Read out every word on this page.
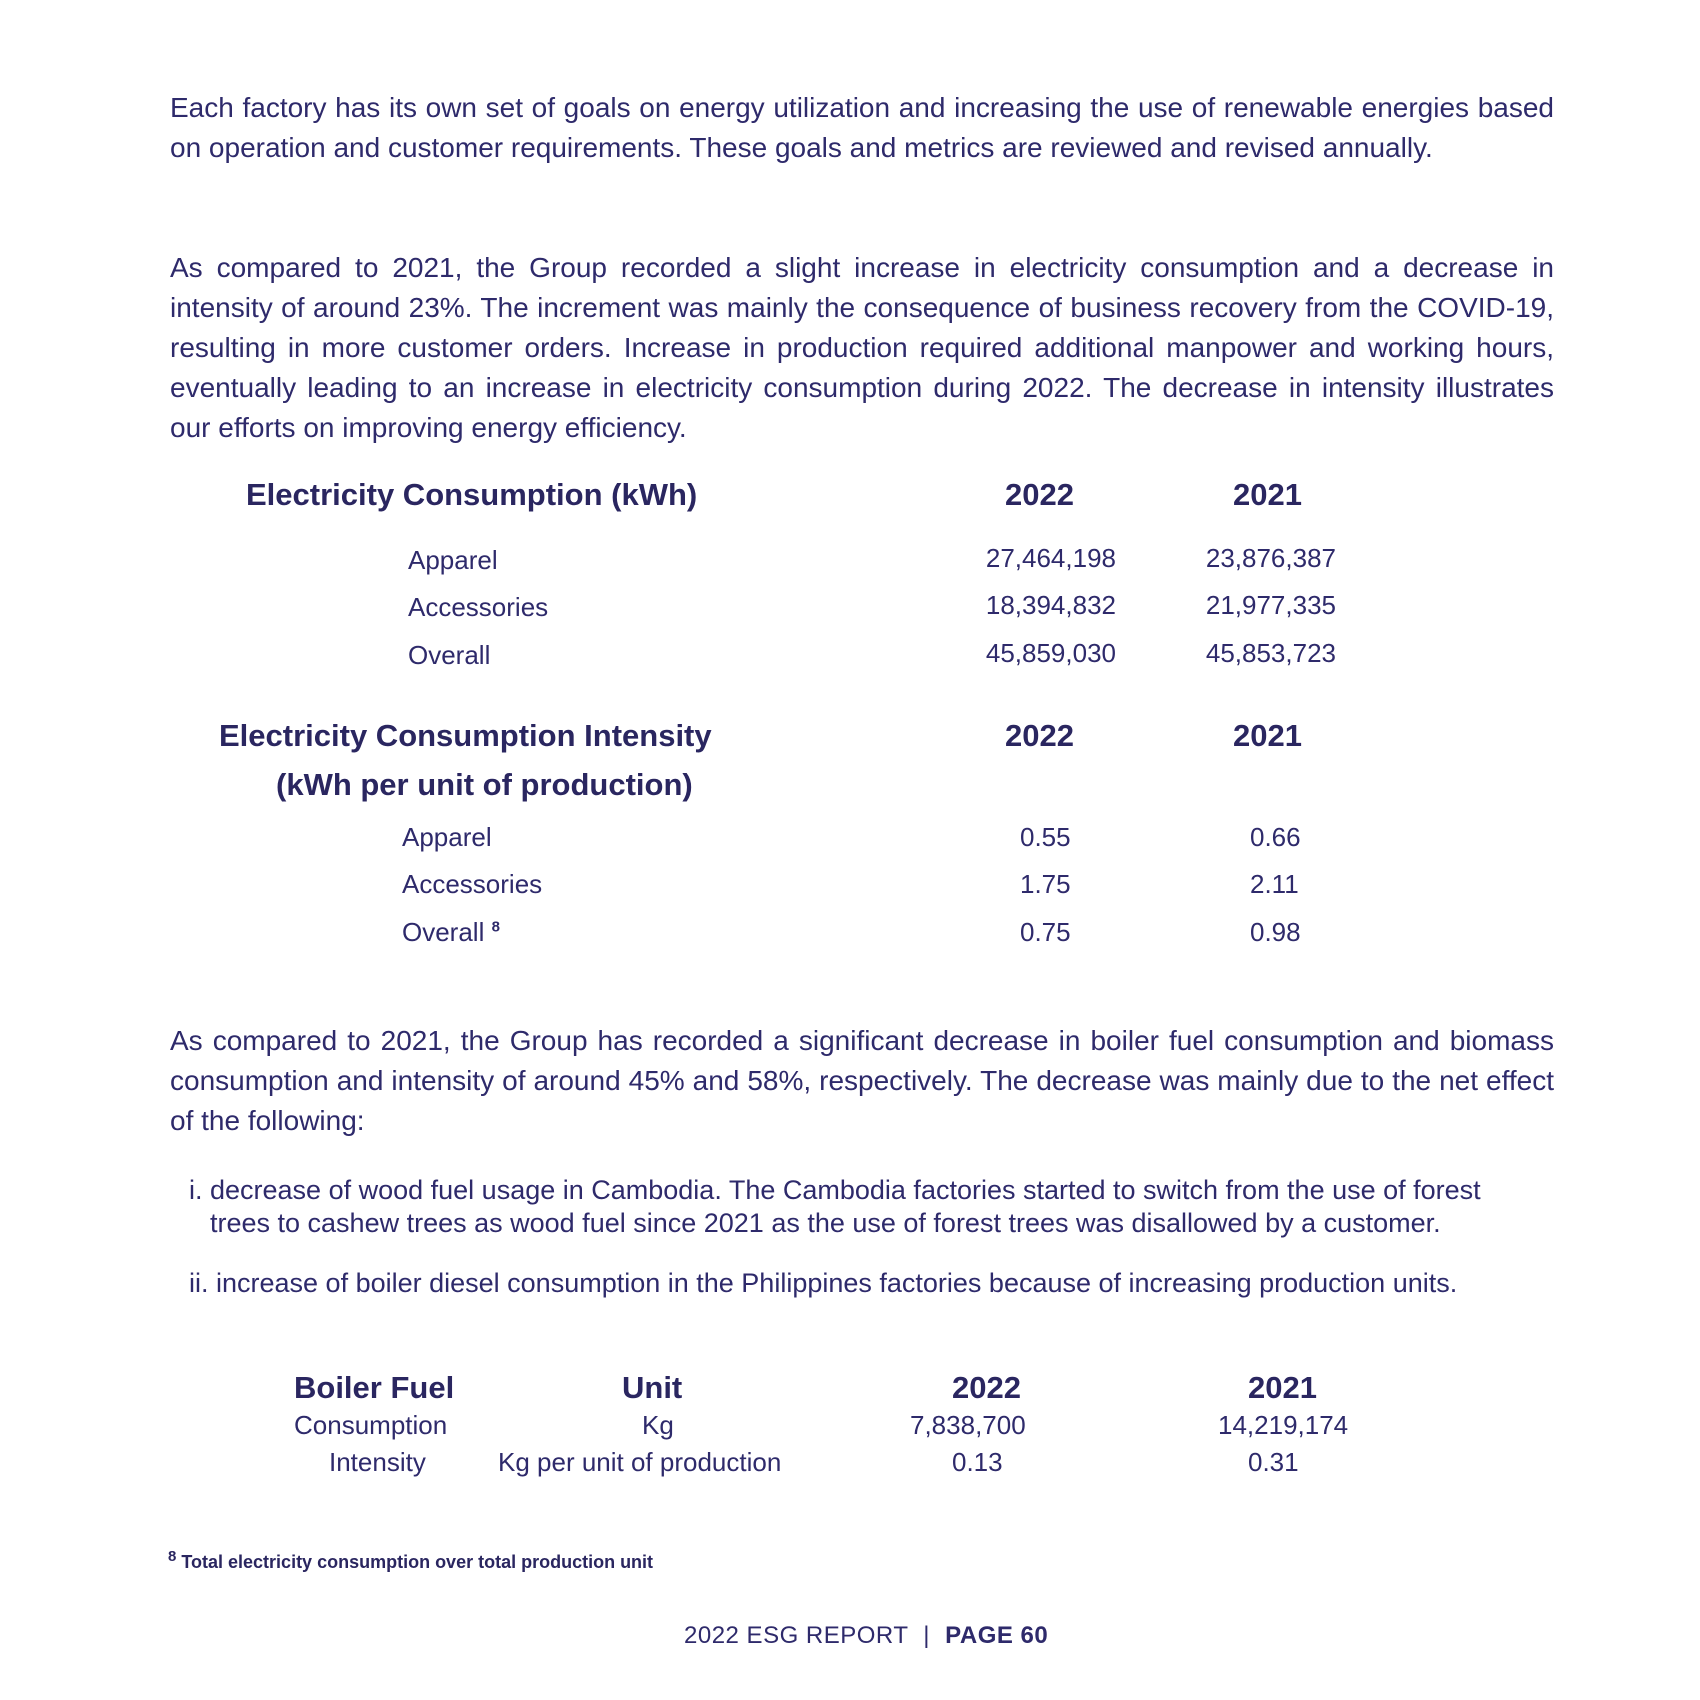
Each factory has its own set of goals on energy utilization and increasing the use of renewable energies based on operation and customer requirements. These goals and metrics are reviewed and revised annually.

As compared to 2021, the Group recorded a slight increase in electricity consumption and a decrease in intensity of around 23%. The increment was mainly the consequence of business recovery from the COVID-19, resulting in more customer orders. Increase in production required additional manpower and working hours, eventually leading to an increase in electricity consumption during 2022. The decrease in intensity illustrates our efforts on improving energy efficiency.

Electricity Consumption (kWh)	2022	2021
Apparel	27,464,198	23,876,387
Accessories	18,394,832	21,977,335
Overall	45,859,030	45,853,723
Electricity Consumption Intensity
(kWh per unit of production)
2022	2021
Apparel	0.55	0.66
Accessories	1.75	2.11
Overall $^8$	0.75	0.98

As compared to 2021, the Group has recorded a significant decrease in boiler fuel consumption and biomass consumption and intensity of around 45% and 58%, respectively. The decrease was mainly due to the net effect of the following:

i. decrease of wood fuel usage in Cambodia. The Cambodia factories started to switch from the use of forest
trees to cashew trees as wood fuel since 2021 as the use of forest trees was disallowed by a customer.
ii. increase of boiler diesel consumption in the Philippines factories because of increasing production units.
Boiler Fuel	Unit	2022	2021
Consumption	Kg	7,838,700	14,219,174
Intensity	Kg per unit of production	0.13	0.31
$^8$ Total electricity consumption over total production unit
2022 ESG REPORT | PAGE 60
